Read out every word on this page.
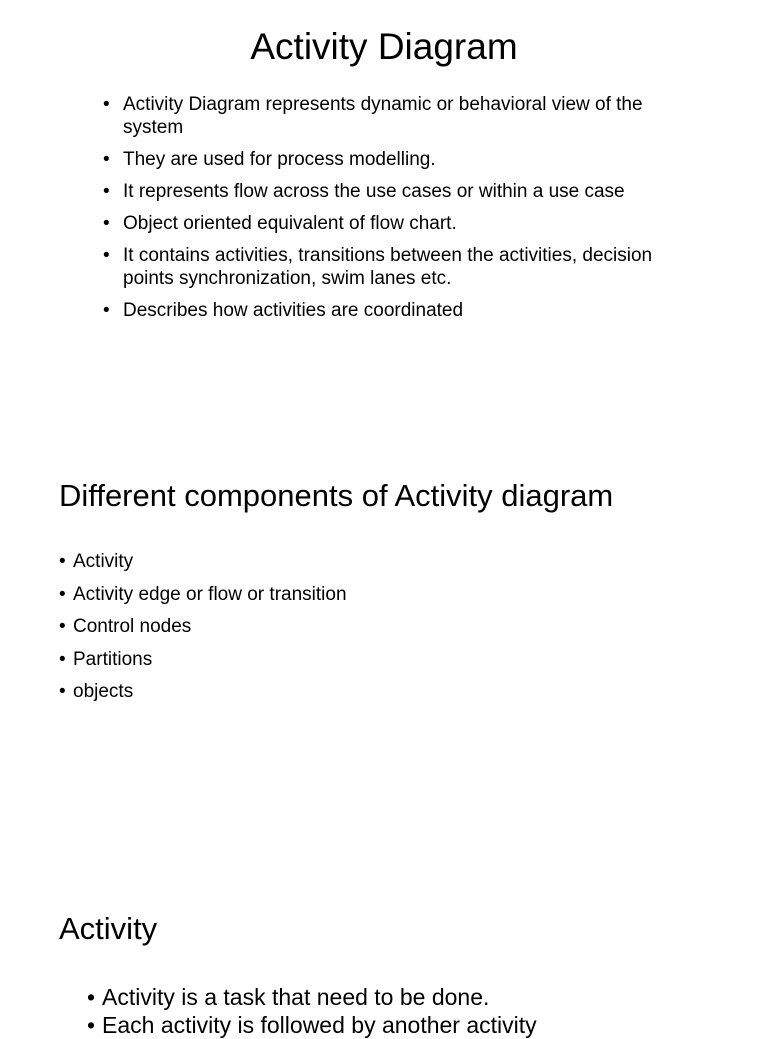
Activity Diagram
• Activity Diagram represents dynamic or behavioral view of the system
• They are used for process modelling.
• It represents flow across the use cases or within a use case
• Object oriented equivalent of flow chart.
• It contains activities, transitions between the activities, decision points synchronization, swim lanes etc.
• Describes how activities are coordinated
Different components of Activity diagram
• Activity
• Activity edge or flow or transition
• Control nodes
• Partitions
• objects
Activity
• Activity is a task that need to be done.
• Each activity is followed by another activity
